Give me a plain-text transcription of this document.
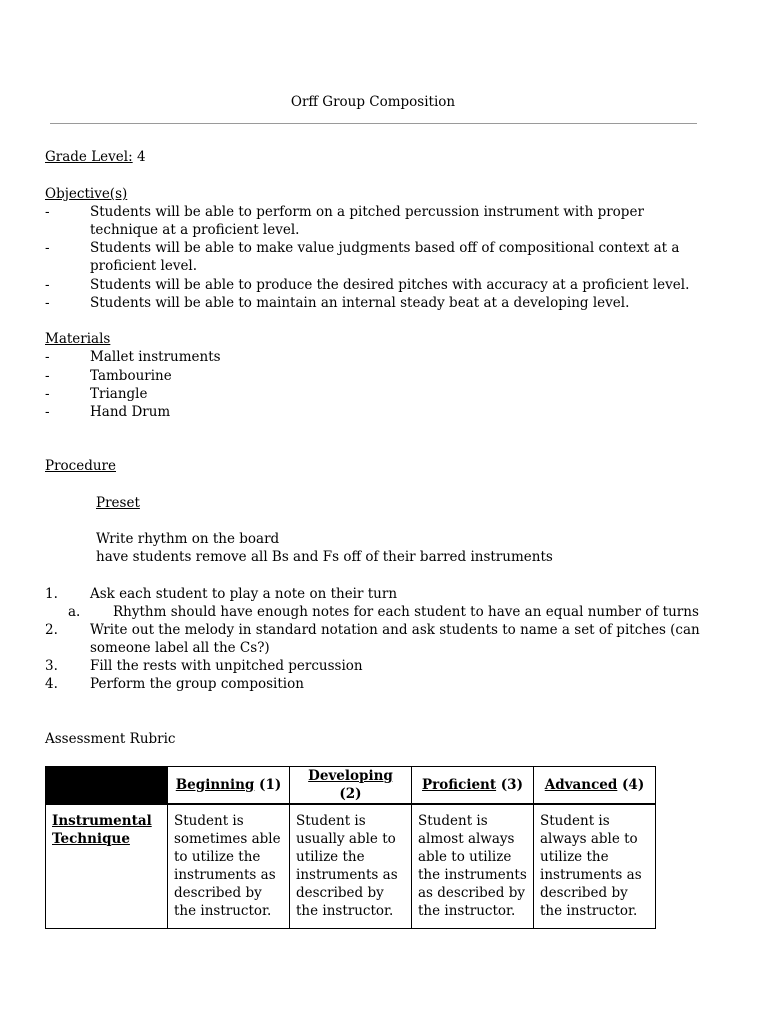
Orff Group Composition
Grade Level: 4
Objective(s)
-	Students will be able to perform on a pitched percussion instrument with proper technique at a proficient level.
-	Students will be able to make value judgments based off of compositional context at a proficient level.
-	Students will be able to produce the desired pitches with accuracy at a proficient level.
-	Students will be able to maintain an internal steady beat at a developing level.
Materials
-	Mallet instruments
-	Tambourine
-	Triangle
-	Hand Drum
Procedure
Preset
Write rhythm on the board
have students remove all Bs and Fs off of their barred instruments
1. Ask each student to play a note on their turn
a. Rhythm should have enough notes for each student to have an equal number of turns
2. Write out the melody in standard notation and ask students to name a set of pitches (can someone label all the Cs?)
3. Fill the rests with unpitched percussion
4. Perform the group composition
Assessment Rubric
	Beginning (1)	Developing (2)	Proficient (3)	Advanced (4)
Instrumental Technique	Student is sometimes able to utilize the instruments as described by the instructor.	Student is usually able to utilize the instruments as described by the instructor.	Student is almost always able to utilize the instruments as described by the instructor.	Student is always able to utilize the instruments as described by the instructor.
